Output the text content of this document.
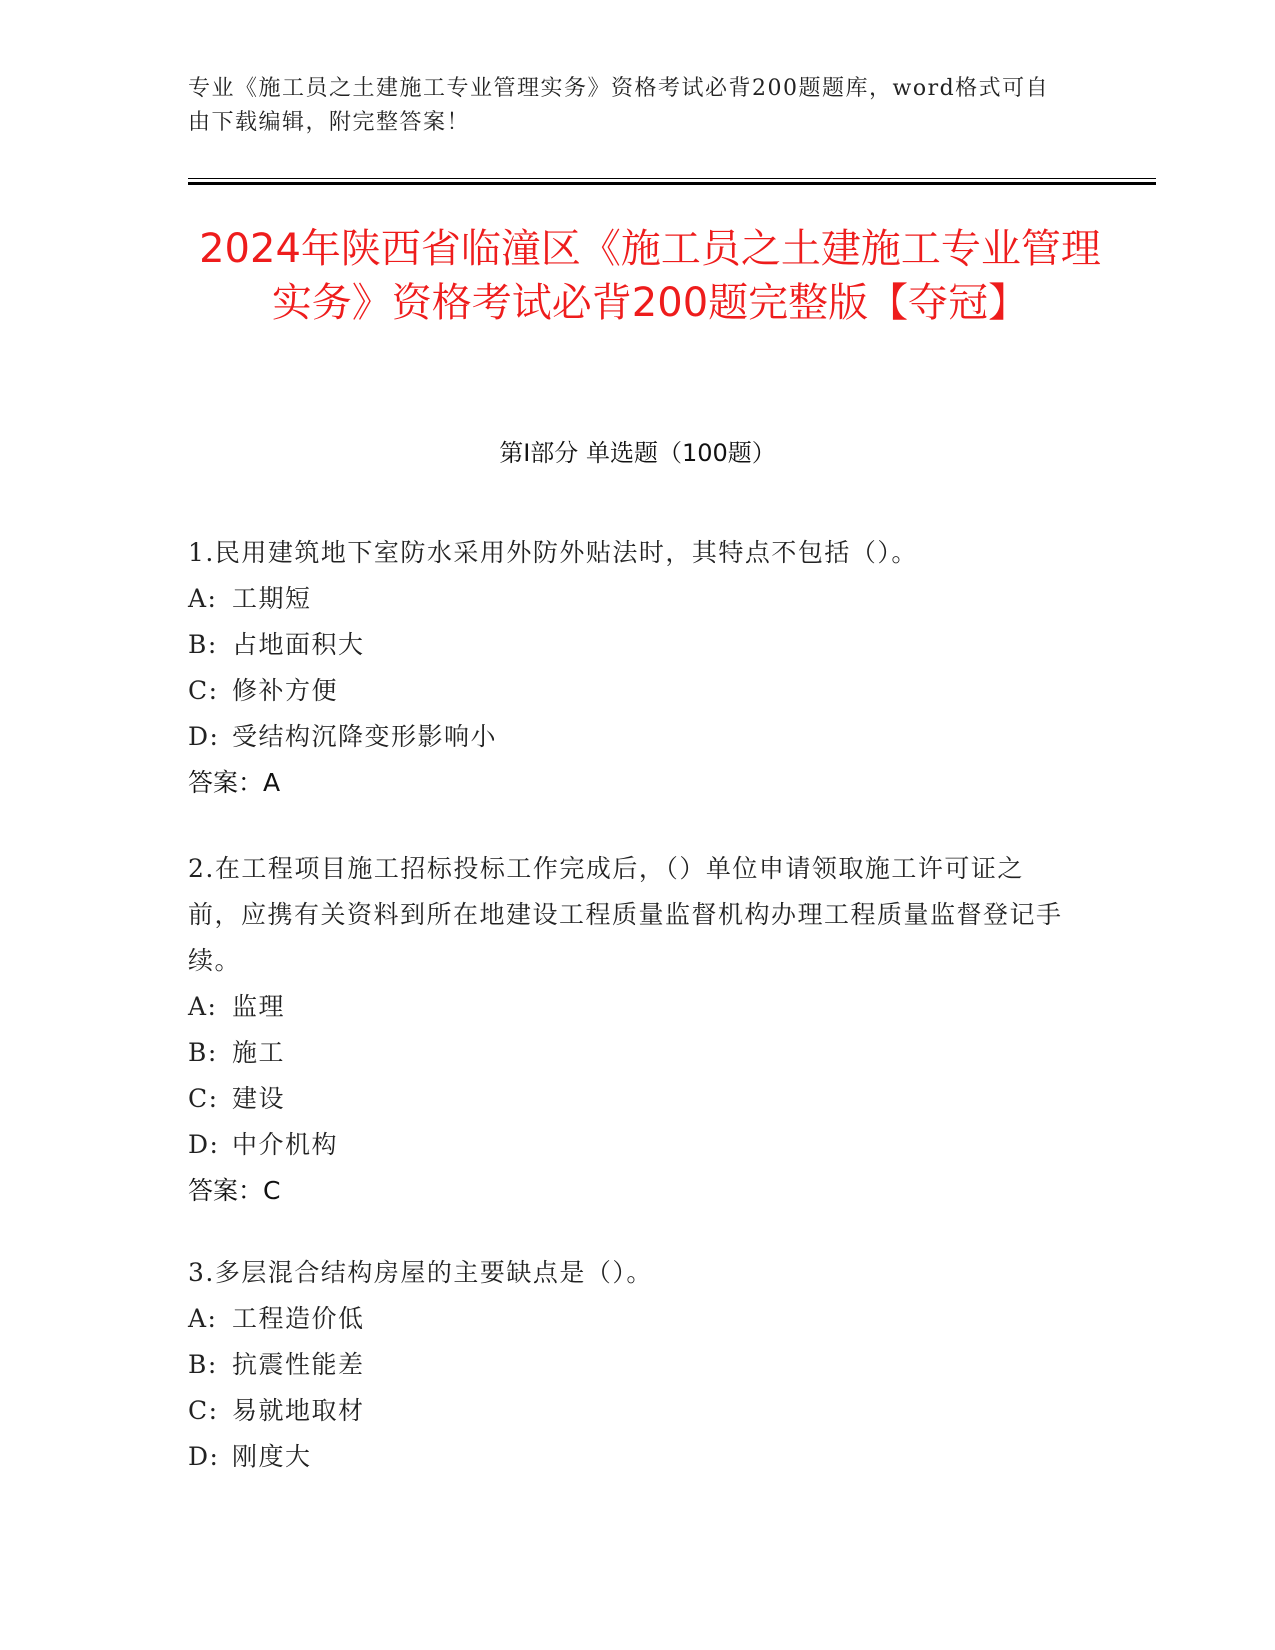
专业《施工员之土建施工专业管理实务》资格考试必背200题题库，word格式可自由下载编辑，附完整答案！
2024年陕西省临潼区《施工员之土建施工专业管理实务》资格考试必背200题完整版【夺冠】
第I部分 单选题（100题）
1.民用建筑地下室防水采用外防外贴法时，其特点不包括（）。
A: 工期短
B: 占地面积大
C: 修补方便
D: 受结构沉降变形影响小
答案：A
2.在工程项目施工招标投标工作完成后，（）单位申请领取施工许可证之前，应携有关资料到所在地建设工程质量监督机构办理工程质量监督登记手续。
A: 监理
B: 施工
C: 建设
D: 中介机构
答案：C
3.多层混合结构房屋的主要缺点是（）。
A: 工程造价低
B: 抗震性能差
C: 易就地取材
D: 刚度大
